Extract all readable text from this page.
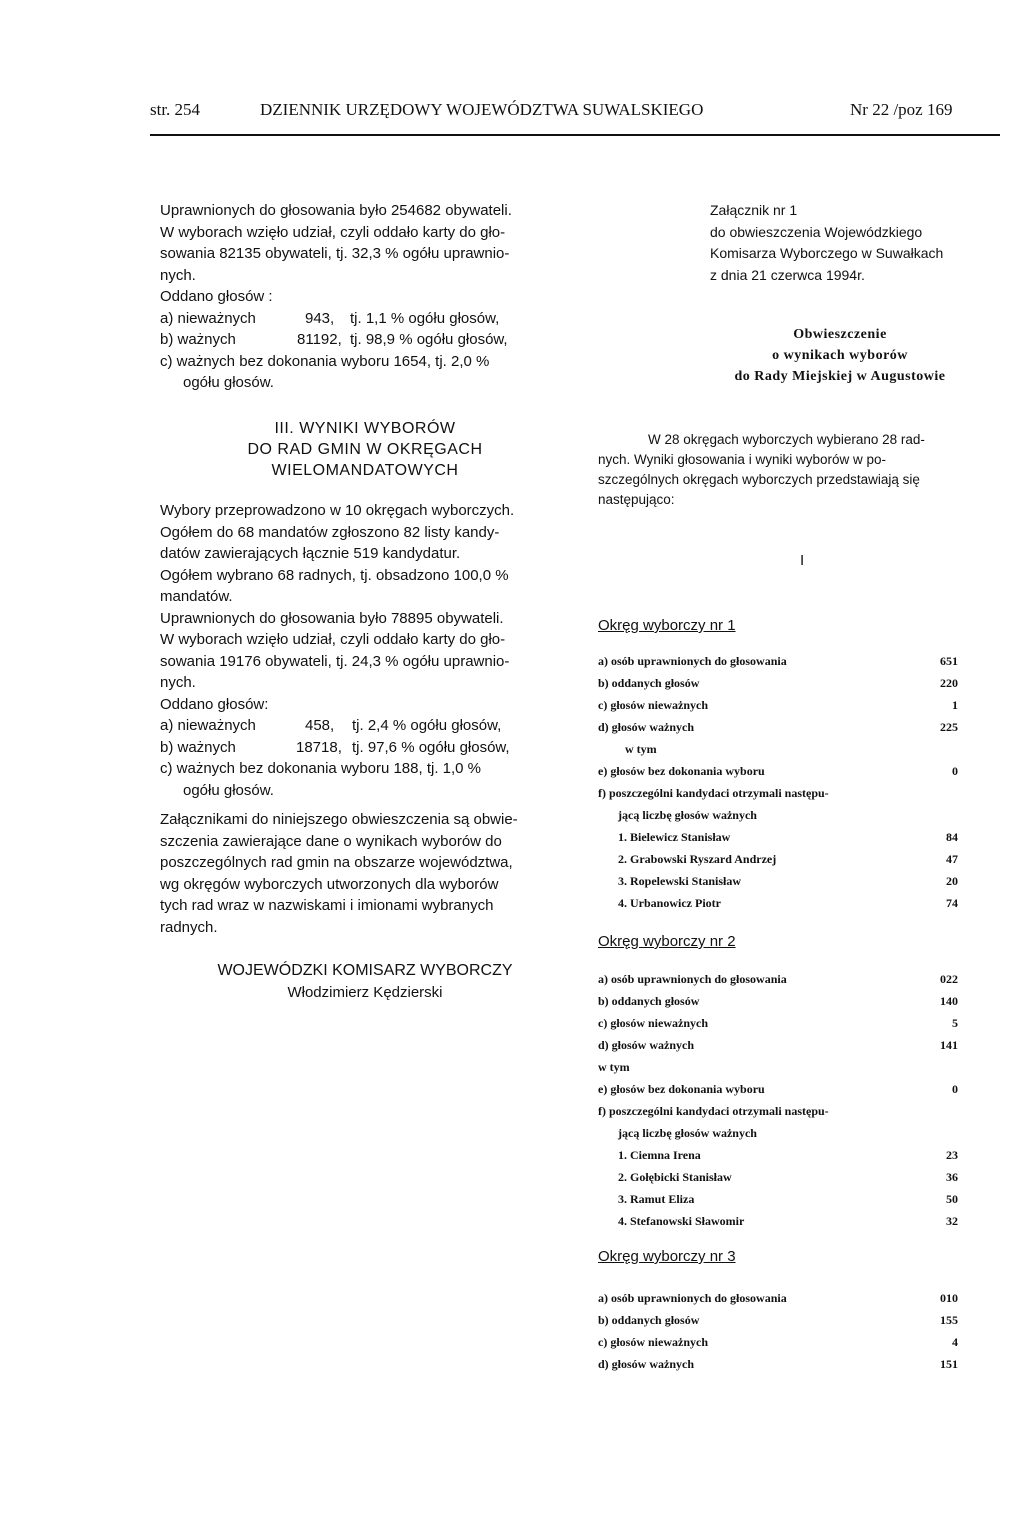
str. 254	DZIENNIK URZĘDOWY WOJEWÓDZTWA SUWALSKIEGO	Nr 22 /poz 169
Uprawnionych do głosowania było 254682 obywateli.
W wyborach wzięło udział, czyli oddało karty do gło-
sowania 82135 obywateli, tj. 32,3 % ogółu uprawnio-
nych.
Oddano głosów :
a) nieważnych	943, tj. 1,1 % ogółu głosów,
b) ważnych	81192, tj. 98,9 % ogółu głosów,
c) ważnych bez dokonania wyboru 1654, tj. 2,0 %
ogółu głosów.
III. WYNIKI WYBORÓW
DO RAD GMIN W OKRĘGACH
WIELOMANDATOWYCH
Wybory przeprowadzono w 10 okręgach wyborczych.
Ogółem do 68 mandatów zgłoszono 82 listy kandy-
datów zawierających łącznie 519 kandydatur.
Ogółem wybrano 68 radnych, tj. obsadzono 100,0 %
mandatów.
Uprawnionych do głosowania było 78895 obywateli.
W wyborach wzięło udział, czyli oddało karty do gło-
sowania 19176 obywateli, tj. 24,3 % ogółu uprawnio-
nych.
Oddano głosów:
a) nieważnych	458, tj. 2,4 % ogółu głosów,
b) ważnych	18718, tj. 97,6 % ogółu głosów,
c) ważnych bez dokonania wyboru 188, tj. 1,0 %
ogółu głosów.
Załącznikami do niniejszego obwieszczenia są obwie-
szczenia zawierające dane o wynikach wyborów do
poszczególnych rad gmin na obszarze województwa,
wg okręgów wyborczych utworzonych dla wyborów
tych rad wraz w nazwiskami i imionami wybranych
radnych.
WOJEWÓDZKI KOMISARZ WYBORCZY
Włodzimierz Kędzierski
Załącznik nr 1
do obwieszczenia Wojewódzkiego
Komisarza Wyborczego w Suwałkach
z dnia 21 czerwca 1994r.
Obwieszczenie
o wynikach wyborów
do Rady Miejskiej w Augustowie
W 28 okręgach wyborczych wybierano 28 rad-
nych. Wyniki głosowania i wyniki wyborów w po-
szczególnych okręgach wyborczych przedstawiają się
następująco:
I
Okręg wyborczy nr 1
a) osób uprawnionych do głosowania	651
b) oddanych głosów	220
c) głosów nieważnych	1
d) głosów ważnych	225
w tym
e) głosów bez dokonania wyboru	0
f) poszczególni kandydaci otrzymali następu-
jącą liczbę głosów ważnych
1. Bielewicz Stanisław	84
2. Grabowski Ryszard Andrzej	47
3. Ropelewski Stanisław	20
4. Urbanowicz Piotr	74
Okręg wyborczy nr 2
a) osób uprawnionych do głosowania	022
b) oddanych głosów	140
c) głosów nieważnych	5
d) głosów ważnych	141
w tym
e) głosów bez dokonania wyboru	0
f) poszczególni kandydaci otrzymali następu-
jącą liczbę głosów ważnych
1. Ciemna Irena	23
2. Gołębicki Stanisław	36
3. Ramut Eliza	50
4. Stefanowski Sławomir	32
Okręg wyborczy nr 3
a) osób uprawnionych do głosowania	010
b) oddanych głosów	155
c) głosów nieważnych	4
d) głosów ważnych	151
